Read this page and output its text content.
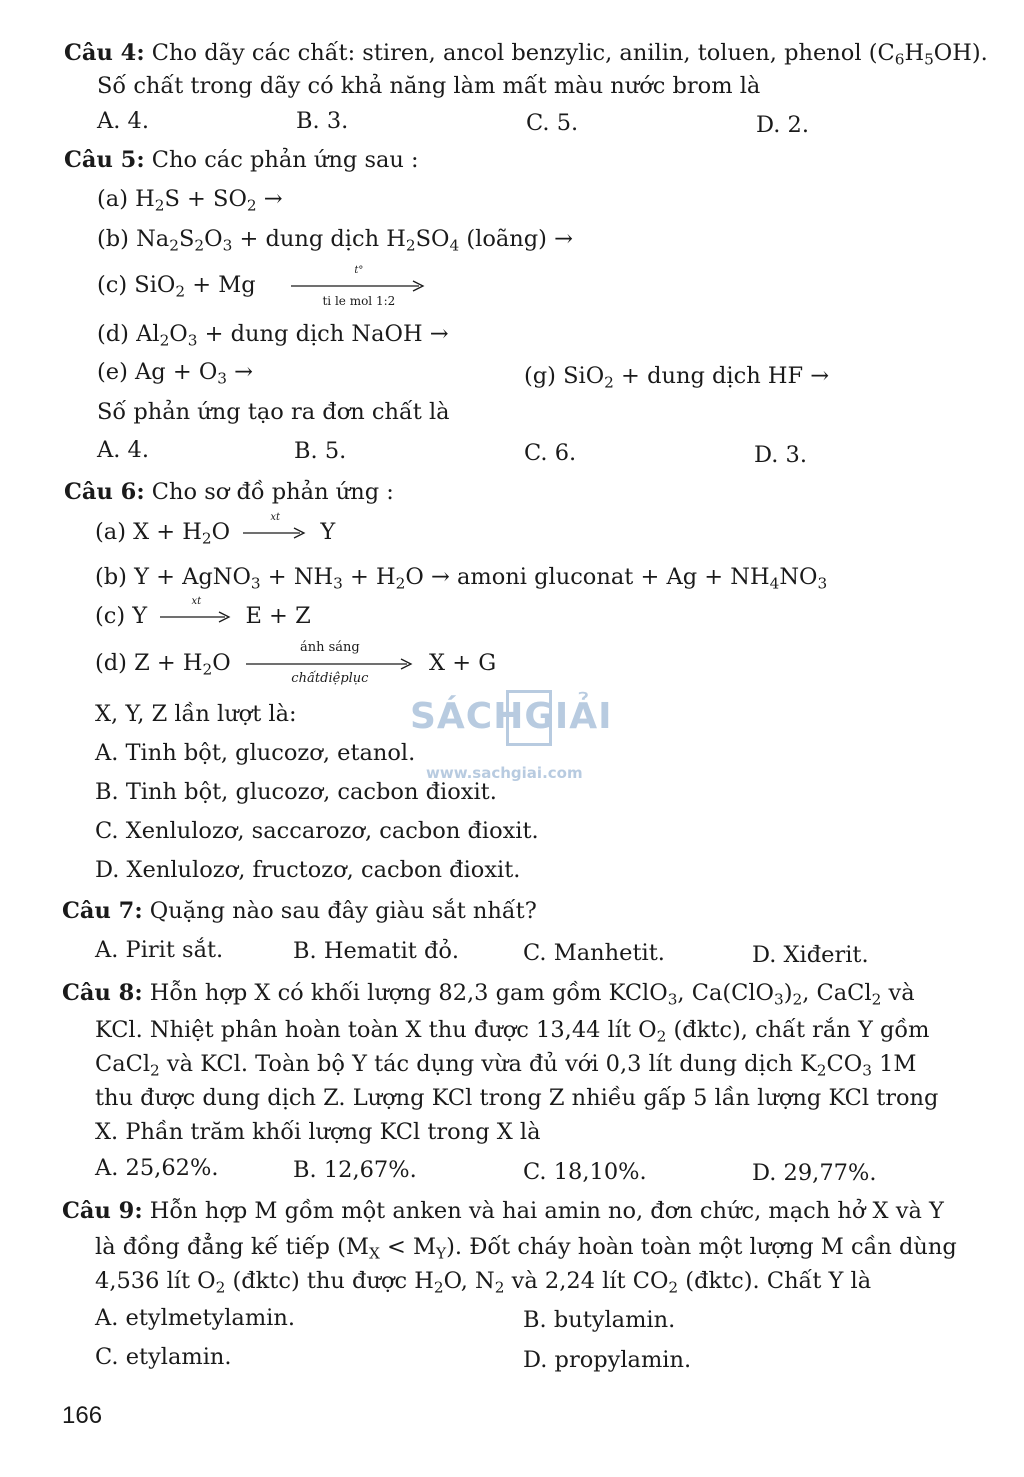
Câu 4: Cho dãy các chất: stiren, ancol benzylic, anilin, toluen, phenol $(C_6H_5OH)$.
Số chất trong dãy có khả năng làm mất màu nước brom là
A. 4.	B. 3.	C. 5.	D. 2.
Câu 5: Cho các phản ứng sau :
(a) $H_2S + SO_2$ →
(b) $Na_2S_2O_3$ + dung dịch $H_2SO_4$ (loãng) →
(c) SiO$_2$ + Mg
t°
ti le mol 1:2
(d) $Al_2O_3$ + dung dịch NaOH →
(e) $Ag + O_3$ →	(g) SiO$_2$ + dung dịch HF →
Số phản ứng tạo ra đơn chất là
A. 4.	B. 5.	C. 6.	D. 3.
Câu 6: Cho sơ đồ phản ứng :
(a) $X + H_2O$
xt
Y
(b) Y + AgNO$_3$ + $NH_3 + H_2O$ → amoni gluconat + $Ag + NH_4NO_3$
(c) Y
xt
E + Z
(d) $Z + H_2O$
ánh sáng
chấtdiệplục
X + G
X, Y, Z lần lượt là:
A. Tinh bột, glucozơ, etanol.
B. Tinh bột, glucozơ, cacbon đioxit.
C. Xenlulozơ, saccarozơ, cacbon đioxit.
D. Xenlulozơ, fructozơ, cacbon đioxit.
SÁCHGIẢI
www.sachgiai.com
Câu 7: Quặng nào sau đây giàu sắt nhất?
A. Pirit sắt.	B. Hematit đỏ.	C. Manhetit.	D. Xiđerit.
Câu 8: Hỗn hợp X có khối lượng 82,3 gam gồm KClO$_3$, $Ca(ClO_3)_2$, CaCl$_2$ và
KCl. Nhiệt phân hoàn toàn X thu được 13,44 lít $O_2$ (đktc), chất rắn Y gồm
CaCl$_2$ và KCl. Toàn bộ Y tác dụng vừa đủ với 0,3 lít dung dịch $K_2CO_3$ 1M
thu được dung dịch Z. Lượng KCl trong Z nhiều gấp 5 lần lượng KCl trong
X. Phần trăm khối lượng KCl trong X là
A. 25,62%.	B. 12,67%.	C. 18,10%.	D. 29,77%.
Câu 9: Hỗn hợp M gồm một anken và hai amin no, đơn chức, mạch hở X và Y
là đồng đẳng kế tiếp $(M_X < M_Y)$. Đốt cháy hoàn toàn một lượng M cần dùng
4,536 lít $O_2$ (đktc) thu được $H_2O$, $N_2$ và 2,24 lít $CO_2$ (đktc). Chất Y là
A. etylmetylamin.	B. butylamin.
C. etylamin.	D. propylamin.
166
